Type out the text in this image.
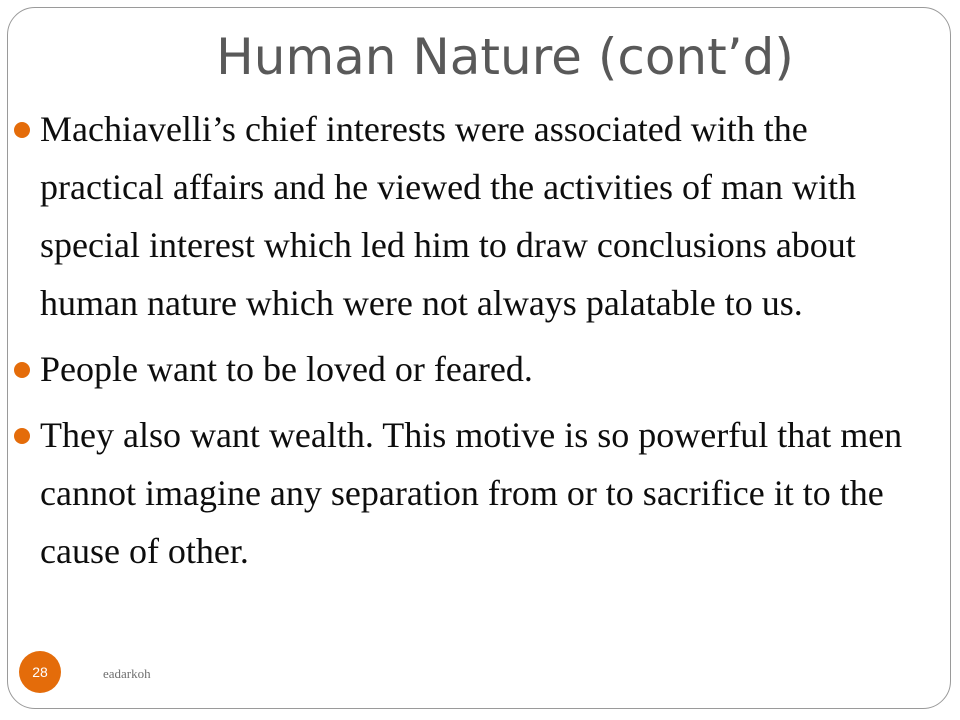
Human Nature (cont’d)
Machiavelli’s chief interests were associated with the practical affairs and he viewed the activities of man with special interest which led him to draw conclusions about human nature which were not always palatable to us.
People want to be loved or feared.
They also want wealth. This motive is so powerful that men cannot imagine any separation from or to sacrifice it to the cause of other.
28	eadarkoh
